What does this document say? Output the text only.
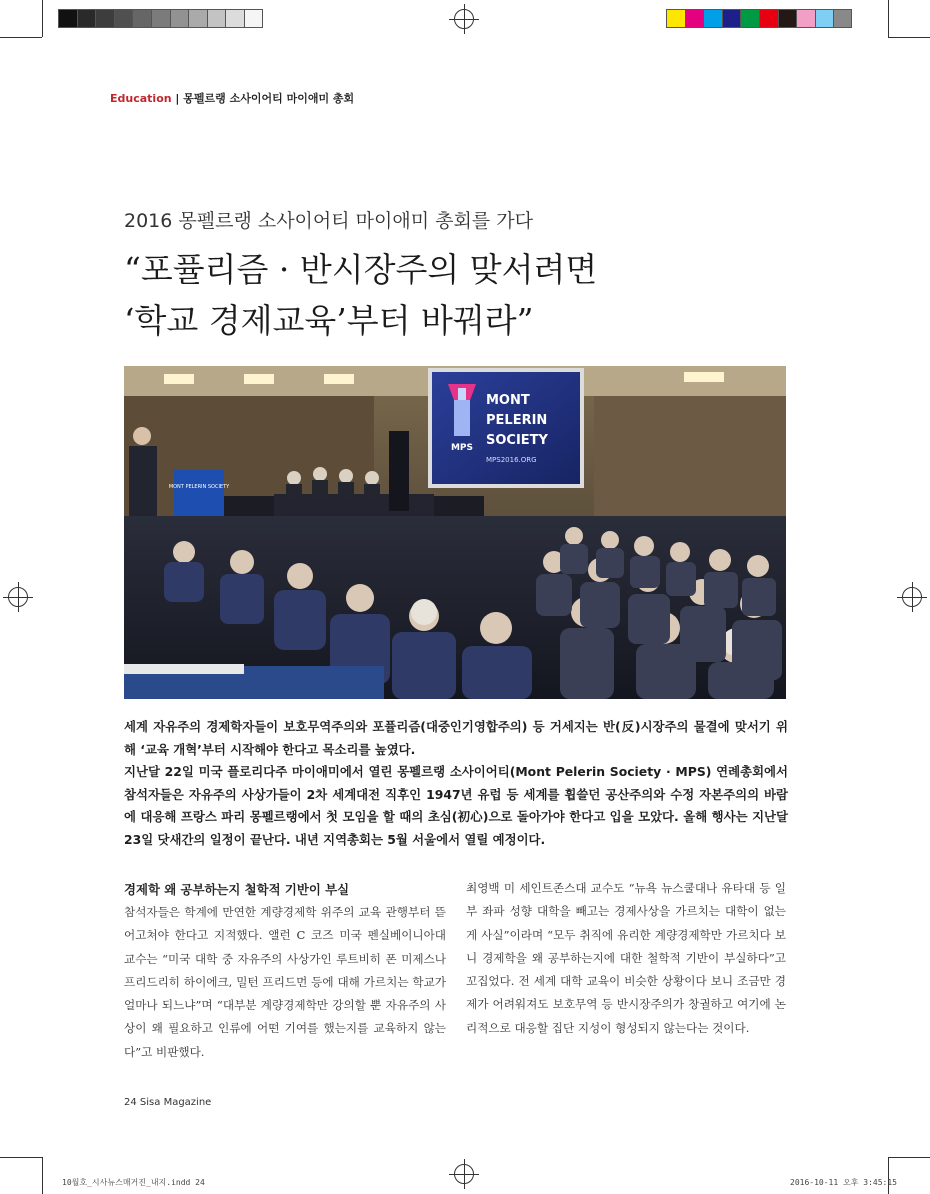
Education | 몽펠르랭 소사이어티 마이애미 총회
2016 몽펠르랭 소사이어티 마이애미 총회를 가다
“포퓰리즘 · 반시장주의 맞서려면
‘학교 경제교육’부터 바꿔라”
MONT PELERIN SOCIETY
MPS
MONT
PELERIN
SOCIETY
MPS2016.ORG

세계 자유주의 경제학자들이 보호무역주의와 포퓰리즘(대중인기영합주의) 등 거세지는 반(反)시장주의 물결에 맞서기 위해 ‘교육 개혁’부터 시작해야 한다고 목소리를 높였다.

지난달 22일 미국 플로리다주 마이애미에서 열린 몽펠르랭 소사이어티(Mont Pelerin Society · MPS) 연례총회에서 참석자들은 자유주의 사상가들이 2차 세계대전 직후인 1947년 유럽 등 세계를 휩쓸던 공산주의와 수정 자본주의의 바람에 대응해 프랑스 파리 몽펠르랭에서 첫 모임을 할 때의 초심(初心)으로 돌아가야 한다고 입을 모았다. 올해 행사는 지난달 23일 닷새간의 일정이 끝난다. 내년 지역총회는 5월 서울에서 열릴 예정이다.

경제학 왜 공부하는지 철학적 기반이 부실
참석자들은 학계에 만연한 계량경제학 위주의 교육 관행부터 뜯어고쳐야 한다고 지적했다. 앨런 C 코즈 미국 펜실베이니아대 교수는 “미국 대학 중 자유주의 사상가인 루트비히 폰 미제스나 프리드리히 하이에크, 밀턴 프리드먼 등에 대해 가르치는 학교가 얼마나 되느냐”며 “대부분 계량경제학만 강의할 뿐 자유주의 사상이 왜 필요하고 인류에 어떤 기여를 했는지를 교육하지 않는다”고 비판했다.
최영백 미 세인트존스대 교수도 “뉴욕 뉴스쿨대나 유타대 등 일부 좌파 성향 대학을 빼고는 경제사상을 가르치는 대학이 없는 게 사실”이라며 “모두 취직에 유리한 계량경제학만 가르치다 보니 경제학을 왜 공부하는지에 대한 철학적 기반이 부실하다”고 꼬집었다. 전 세계 대학 교육이 비슷한 상황이다 보니 조금만 경제가 어려워져도 보호무역 등 반시장주의가 창궐하고 여기에 논리적으로 대응할 집단 지성이 형성되지 않는다는 것이다.
24 Sisa Magazine
10월호_시사뉴스매거진_내지.indd 24	2016-10-11 오후 3:45:15
